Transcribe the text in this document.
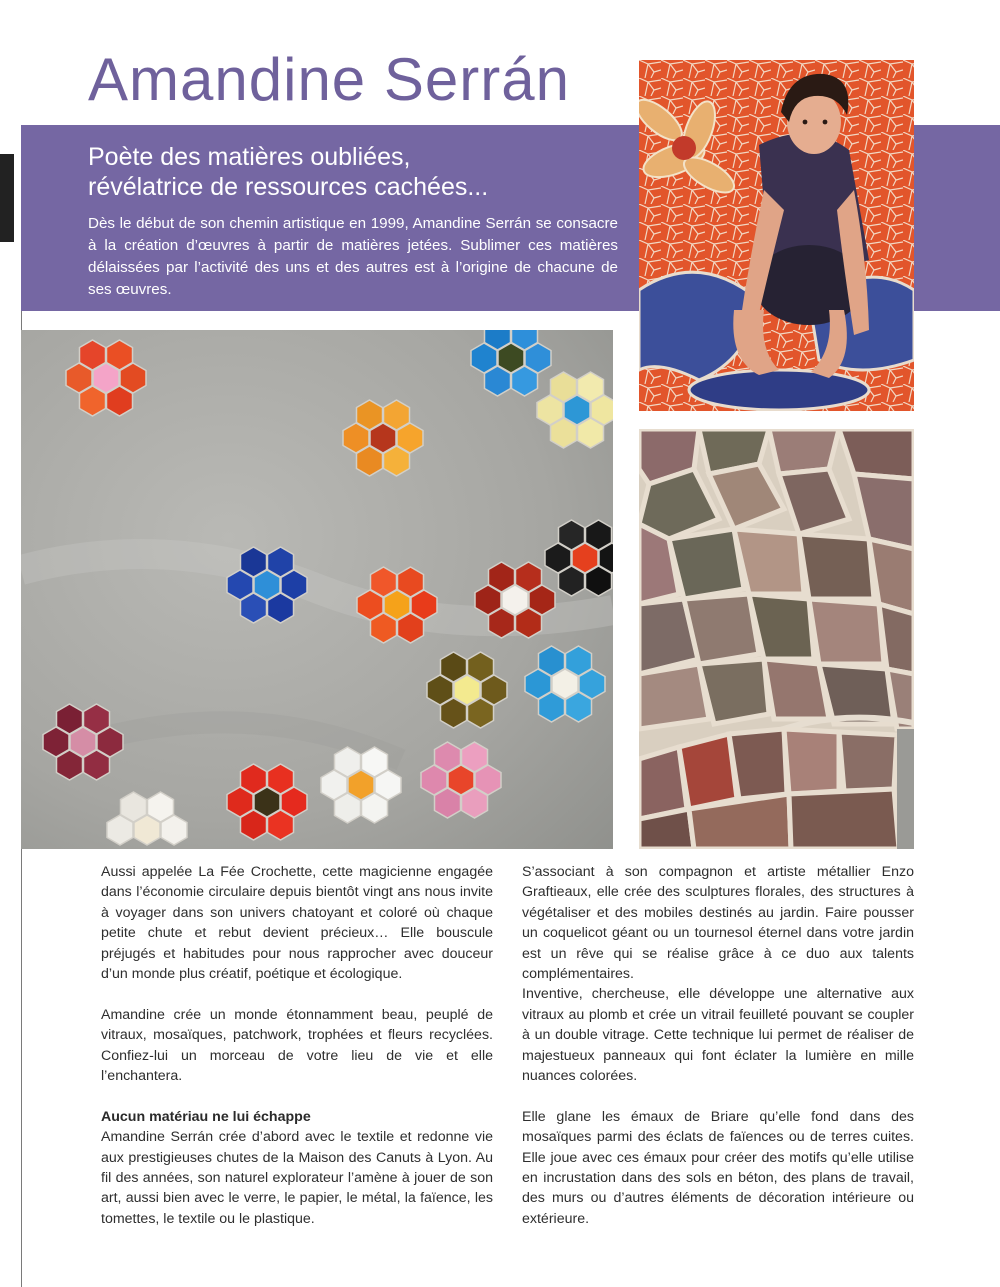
Amandine Serrán
Poète des matières oubliées,
révélatrice de ressources cachées...

Dès le début de son chemin artistique en 1999, Amandine Serrán se consacre à la création d’œuvres à partir de matières jetées. Sublimer ces matières délaissées par l’activité des uns et des autres est à l’origine de chacune de ses œuvres.

Aussi appelée La Fée Crochette, cette magicienne engagée dans l’économie circulaire depuis bientôt vingt ans nous invite à voyager dans son univers chatoyant et coloré où chaque petite chute et rebut devient précieux… Elle bouscule préjugés et habitudes pour nous rapprocher avec douceur d’un monde plus créatif, poétique et écologique.

Amandine crée un monde étonnamment beau, peuplé de vitraux, mosaïques, patchwork, trophées et fleurs recyclées. Confiez-lui un morceau de votre lieu de vie et elle l’enchantera.

Aucun matériau ne lui échappe

Amandine Serrán crée d’abord avec le textile et redonne vie aux prestigieuses chutes de la Maison des Canuts à Lyon. Au fil des années, son naturel explorateur l’amène à jouer de son art, aussi bien avec le verre, le papier, le métal, la faïence, les tomettes, le textile ou le plastique.

S’associant à son compagnon et artiste métallier Enzo Graftieaux, elle crée des sculptures florales, des structures à végétaliser et des mobiles destinés au jardin. Faire pousser un coquelicot géant ou un tournesol éternel dans votre jardin est un rêve qui se réalise grâce à ce duo aux talents complémentaires.

Inventive, chercheuse, elle développe une alternative aux vitraux au plomb et crée un vitrail feuilleté pouvant se coupler à un double vitrage. Cette technique lui permet de réaliser de majestueux panneaux qui font éclater la lumière en mille nuances colorées.

Elle glane les émaux de Briare qu’elle fond dans des mosaïques parmi des éclats de faïences ou de terres cuites. Elle joue avec ces émaux pour créer des motifs qu’elle utilise en incrustation dans des sols en béton, des plans de travail, des murs ou d’autres éléments de décoration intérieure ou extérieure.
